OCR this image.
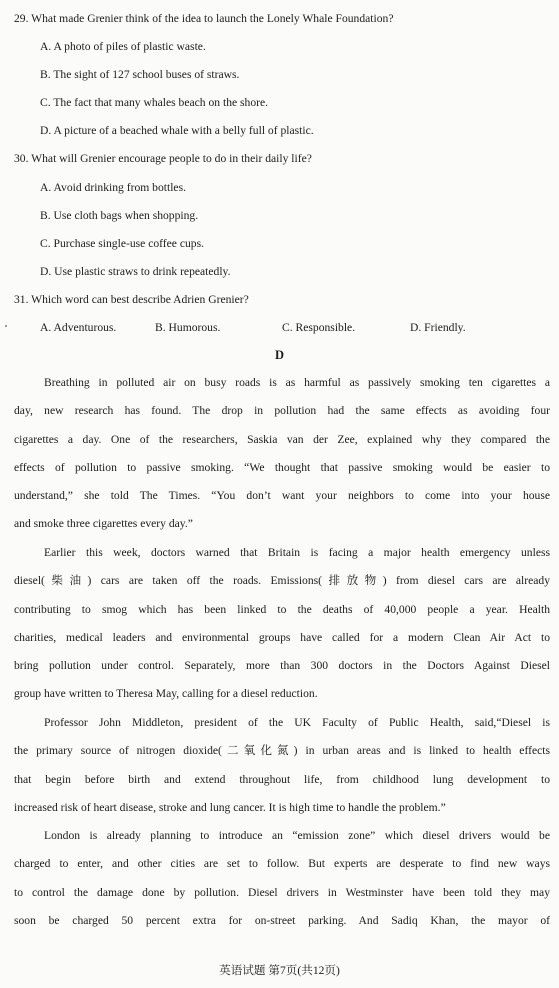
29. What made Grenier think of the idea to launch the Lonely Whale Foundation?
A. A photo of piles of plastic waste.
B. The sight of 127 school buses of straws.
C. The fact that many whales beach on the shore.
D. A picture of a beached whale with a belly full of plastic.
30. What will Grenier encourage people to do in their daily life?
A. Avoid drinking from bottles.
B. Use cloth bags when shopping.
C. Purchase single-use coffee cups.
D. Use plastic straws to drink repeatedly.
31. Which word can best describe Adrien Grenier?
A. Adventurous.	B. Humorous.	C. Responsible.	D. Friendly.
D
Breathing in polluted air on busy roads is as harmful as passively smoking ten cigarettes a
day, new research has found. The drop in pollution had the same effects as avoiding four
cigarettes a day. One of the researchers, Saskia van der Zee, explained why they compared the
effects of pollution to passive smoking. “We thought that passive smoking would be easier to
understand,” she told The Times. “You don’t want your neighbors to come into your house
and smoke three cigarettes every day.”
Earlier this week, doctors warned that Britain is facing a major health emergency unless
diesel(柴油) cars are taken off the roads. Emissions(排放物) from diesel cars are already
contributing to smog which has been linked to the deaths of 40,000 people a year. Health
charities, medical leaders and environmental groups have called for a modern Clean Air Act to
bring pollution under control. Separately, more than 300 doctors in the Doctors Against Diesel
group have written to Theresa May, calling for a diesel reduction.
Professor John Middleton, president of the UK Faculty of Public Health, said,“Diesel is
the primary source of nitrogen dioxide(二氧化氮) in urban areas and is linked to health effects
that begin before birth and extend throughout life, from childhood lung development to
increased risk of heart disease, stroke and lung cancer. It is high time to handle the problem.”
London is already planning to introduce an “emission zone” which diesel drivers would be
charged to enter, and other cities are set to follow. But experts are desperate to find new ways
to control the damage done by pollution. Diesel drivers in Westminster have been told they may
soon be charged 50 percent extra for on-street parking. And Sadiq Khan, the mayor of
英语试题 第7页(共12页)
